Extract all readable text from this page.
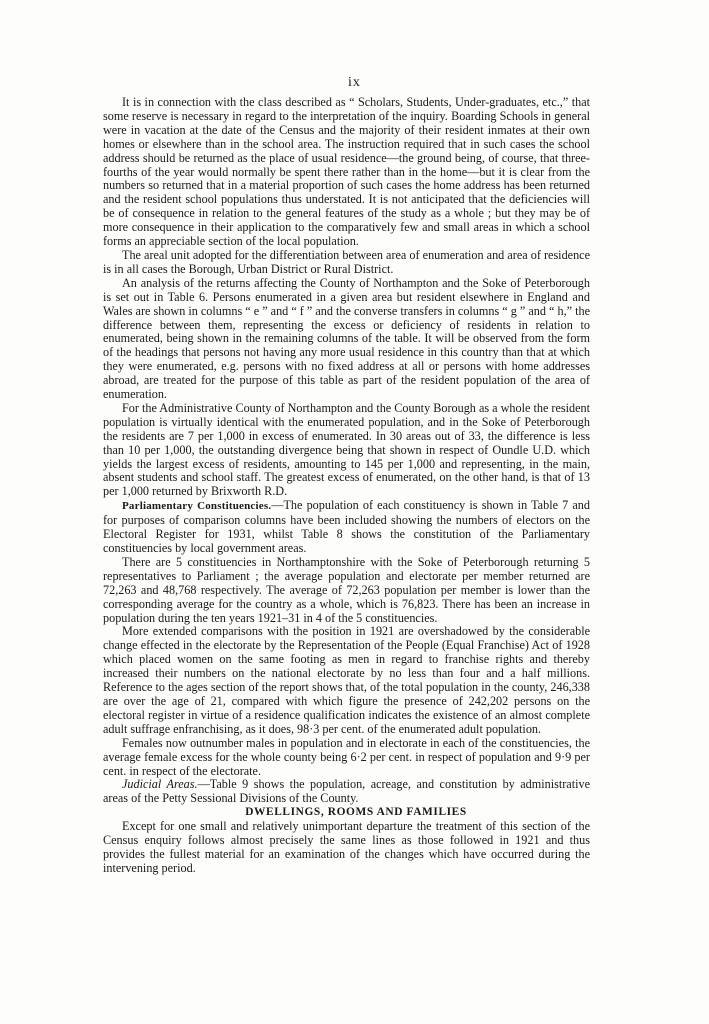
ix

It is in connection with the class described as “ Scholars, Students, Under-graduates, etc.,” that some reserve is necessary in regard to the interpretation of the inquiry. Boarding Schools in general were in vacation at the date of the Census and the majority of their resident inmates at their own homes or elsewhere than in the school area. The instruction required that in such cases the school address should be returned as the place of usual residence—the ground being, of course, that three-fourths of the year would normally be spent there rather than in the home—but it is clear from the numbers so returned that in a material proportion of such cases the home address has been returned and the resident school populations thus understated. It is not anticipated that the deficiencies will be of consequence in relation to the general features of the study as a whole ; but they may be of more consequence in their application to the comparatively few and small areas in which a school forms an appreciable section of the local population.

The areal unit adopted for the differentiation between area of enumeration and area of residence is in all cases the Borough, Urban District or Rural District.

An analysis of the returns affecting the County of Northampton and the Soke of Peterborough is set out in Table 6. Persons enumerated in a given area but resident elsewhere in England and Wales are shown in columns “ e ” and “ f ” and the converse transfers in columns “ g ” and “ h,” the difference between them, representing the excess or deficiency of residents in relation to enumerated, being shown in the remaining columns of the table. It will be observed from the form of the headings that persons not having any more usual residence in this country than that at which they were enumerated, e.g. persons with no fixed address at all or persons with home addresses abroad, are treated for the purpose of this table as part of the resident population of the area of enumeration.

For the Administrative County of Northampton and the County Borough as a whole the resident population is virtually identical with the enumerated population, and in the Soke of Peterborough the residents are 7 per 1,000 in excess of enumerated. In 30 areas out of 33, the difference is less than 10 per 1,000, the outstanding divergence being that shown in respect of Oundle U.D. which yields the largest excess of residents, amounting to 145 per 1,000 and representing, in the main, absent students and school staff. The greatest excess of enumerated, on the other hand, is that of 13 per 1,000 returned by Brixworth R.D.

Parliamentary Constituencies.—The population of each constituency is shown in Table 7 and for purposes of comparison columns have been included showing the numbers of electors on the Electoral Register for 1931, whilst Table 8 shows the constitution of the Parliamentary constituencies by local government areas.

There are 5 constituencies in Northamptonshire with the Soke of Peterborough returning 5 representatives to Parliament ; the average population and electorate per member returned are 72,263 and 48,768 respectively. The average of 72,263 population per member is lower than the corresponding average for the country as a whole, which is 76,823. There has been an increase in population during the ten years 1921–31 in 4 of the 5 constituencies.

More extended comparisons with the position in 1921 are overshadowed by the considerable change effected in the electorate by the Representation of the People (Equal Franchise) Act of 1928 which placed women on the same footing as men in regard to franchise rights and thereby increased their numbers on the national electorate by no less than four and a half millions. Reference to the ages section of the report shows that, of the total population in the county, 246,338 are over the age of 21, compared with which figure the presence of 242,202 persons on the electoral register in virtue of a residence qualification indicates the existence of an almost complete adult suffrage enfranchising, as it does, 98·3 per cent. of the enumerated adult population.

Females now outnumber males in population and in electorate in each of the constituencies, the average female excess for the whole county being 6·2 per cent. in respect of population and 9·9 per cent. in respect of the electorate.

Judicial Areas.—Table 9 shows the population, acreage, and constitution by administrative areas of the Petty Sessional Divisions of the County.

DWELLINGS, ROOMS AND FAMILIES

Except for one small and relatively unimportant departure the treatment of this section of the Census enquiry follows almost precisely the same lines as those followed in 1921 and thus provides the fullest material for an examination of the changes which have occurred during the intervening period.
